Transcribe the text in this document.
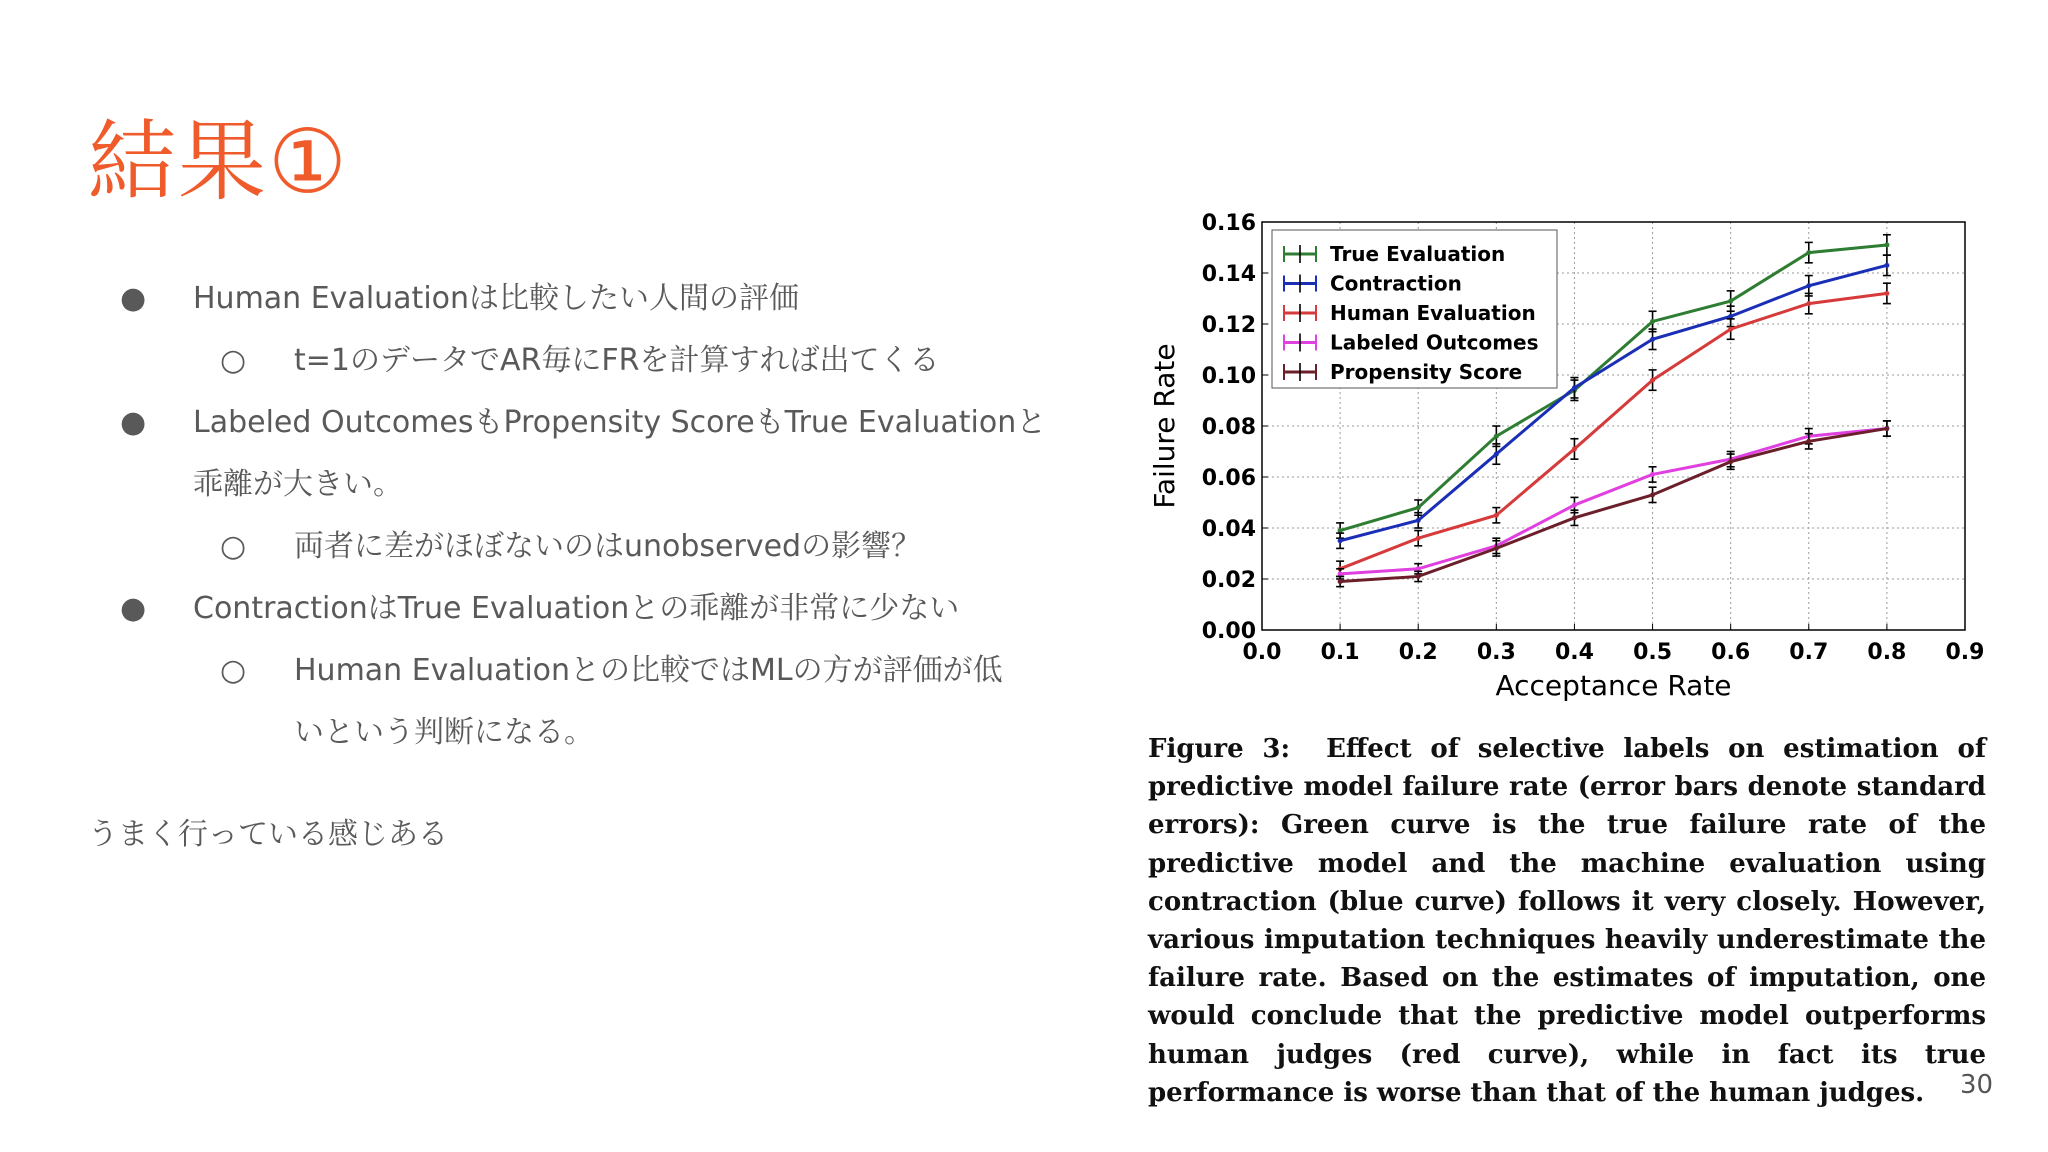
結果①
● Human Evaluationは比較したい人間の評価
○ t=1のデータでAR毎にFRを計算すれば出てくる
● Labeled OutcomesもPropensity ScoreもTrue Evaluationと
乖離が大きい。
○ 両者に差がほぼないのはunobservedの影響？
● ContractionはTrue Evaluationとの乖離が非常に少ない
○ Human Evaluationとの比較ではMLの方が評価が低
いという判断になる。
うまく行っている感じある
0.0 0.1 0.2 0.3 0.4 0.5 0.6 0.7 0.8 0.9
0.00
0.02
0.04
0.06
0.08
0.10
0.12
0.14
0.16
Acceptance Rate
Failure Rate
True Evaluation
Contraction
Human Evaluation
Labeled Outcomes
Propensity Score

Figure 3: Effect of selective labels on estimation of predictive model failure rate (error bars denote standard errors): Green curve is the true failure rate of the predictive model and the machine evaluation using contraction (blue curve) follows it very closely. However, various imputation techniques heavily underestimate the failure rate. Based on the estimates of imputation, one would conclude that the predictive model outperforms human judges (red curve), while in fact its true performance is worse than that of the human judges.	30
